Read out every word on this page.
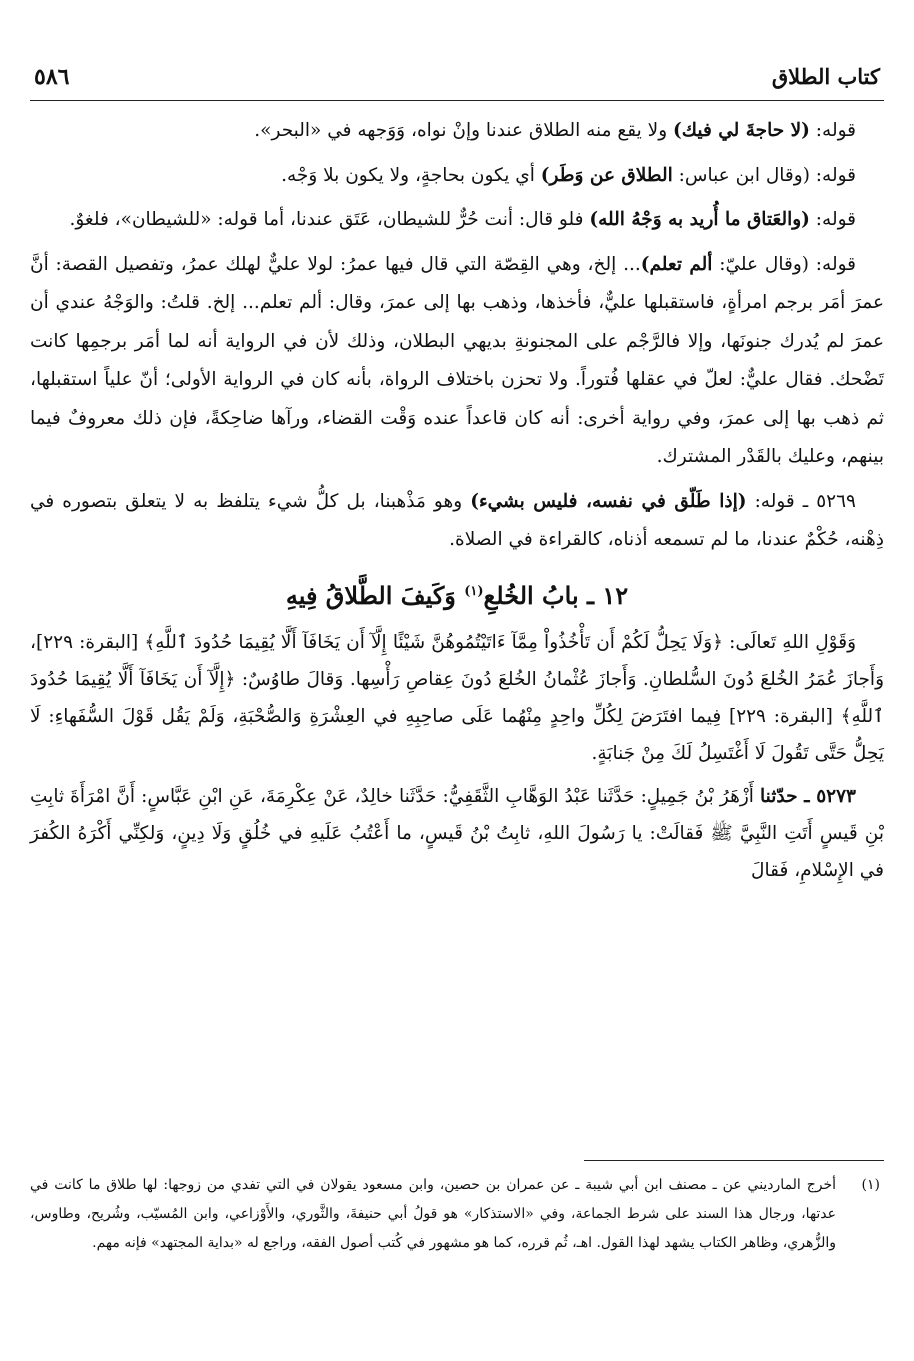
كتاب الطلاق
٥٨٦

قوله: (لا حاجةَ لي فيك) ولا يقع منه الطلاق عندنا وإنْ نواه، وَوَجهه في «البحر».

قوله: (وقال ابن عباس: الطلاق عن وَطَر) أي يكون بحاجةٍ، ولا يكون بلا وَجْه.

قوله: (والعَتاق ما أُريد به وَجْهُ الله) فلو قال: أنت حُرٌّ للشيطان، عَتَق عندنا، أما قوله: «للشيطان»، فلغوٌ.

قوله: (وقال عليّ: ألم تعلم)... إلخ، وهي القِصّة التي قال فيها عمرُ: لولا عليٌّ لهلك عمرُ، وتفصيل القصة: أنَّ عمرَ أمَر برجم امرأةٍ، فاستقبلها عليٌّ، فأخذها، وذهب بها إلى عمرَ، وقال: ألم تعلم... إلخ. قلتُ: والوَجْهُ عندي أن عمرَ لم يُدرك جنونَها، وإلا فالرَّجْم على المجنونةِ بديهي البطلان، وذلك لأن في الرواية أنه لما أمَر برجمِها كانت تَضْحك. فقال عليٌّ: لعلّ في عقلها فُتوراً. ولا تحزن باختلاف الرواة، بأنه كان في الرواية الأولى؛ أنّ علياً استقبلها، ثم ذهب بها إلى عمرَ، وفي رواية أخرى: أنه كان قاعداً عنده وَقْت القضاء، ورآها ضاحِكةً، فإن ذلك معروفٌ فيما بينهم، وعليك بالقَدْر المشترك.

٥٢٦٩ ـ قوله: (إذا طَلّق في نفسه، فليس بشيء) وهو مَذْهبنا، بل كلُّ شيء يتلفظ به لا يتعلق بتصوره في ذِهْنه، حُكْمٌ عندنا، ما لم تسمعه أذناه، كالقراءة في الصلاة.

١٢ ـ بابُ الخُلعِ$^{(١)}$ وَكَيفَ الطَّلاقُ فِيهِ

وَقَوْلِ اللهِ تَعالَى: ﴿وَلَا يَحِلُّ لَكُمْ أَن تَأْخُذُواْ مِمَّآ ءَاتَيْتُمُوهُنَّ شَيْئًا إِلَّآ أَن يَخَافَآ أَلَّا يُقِيمَا حُدُودَ ٱللَّهِ﴾ [البقرة: ٢٢٩]، وَأَجازَ عُمَرُ الخُلعَ دُونَ السُّلطانِ. وَأَجازَ عُثْمانُ الخُلعَ دُونَ عِقاصِ رَأْسِها. وَقالَ طاوُسٌ: ﴿إِلَّآ أَن يَخَافَآ أَلَّا يُقِيمَا حُدُودَ ٱللَّهِ﴾ [البقرة: ٢٢٩] فِيما افتَرَضَ لِكُلِّ واحِدٍ مِنْهُما عَلَى صاحِبِهِ في العِشْرَةِ وَالصُّحْبَةِ، وَلَمْ يَقُل قَوْلَ السُّفَهاءِ: لَا يَحِلُّ حَتَّى تَقُولَ لَا أَغْتَسِلُ لَكَ مِنْ جَنابَةٍ.

٥٢٧٣ ـ حدّثنا أَزْهَرُ بْنُ جَمِيلٍ: حَدَّثَنا عَبْدُ الوَهَّابِ الثَّقَفِيُّ: حَدَّثَنا خالِدٌ، عَنْ عِكْرِمَةَ، عَنِ ابْنِ عَبَّاسٍ: أَنَّ امْرَأَةَ ثابِتِ بْنِ قَيسٍ أَتَتِ النَّبِيَّ ﷺ فَقالَتْ: يا رَسُولَ اللهِ، ثابِتُ بْنُ قَيسٍ، ما أَعْتُبُ عَلَيهِ في خُلُقٍ وَلَا دِينٍ، وَلكِنِّي أَكْرَهُ الكُفرَ في الإِسْلامِ، فَقالَ

(١)
أخرج المارديني عن ـ مصنف ابن أبي شيبة ـ عن عمران بن حصين، وابن مسعود يقولان في التي تفدي من زوجها: لها طلاق ما كانت في عدتها، ورجال هذا السند على شرط الجماعة، وفي «الاستذكار» هو قولُ أبي حنيفةَ، والثَّوري، والأَوْزاعي، وابن المُسيّب، وشُريح، وطاوس، والزُّهري، وظاهر الكتاب يشهد لهذا القول. اهـ، ثُم قرره، كما هو مشهور في كُتب أصول الفقه، وراجع له «بداية المجتهد» فإنه مهم.
